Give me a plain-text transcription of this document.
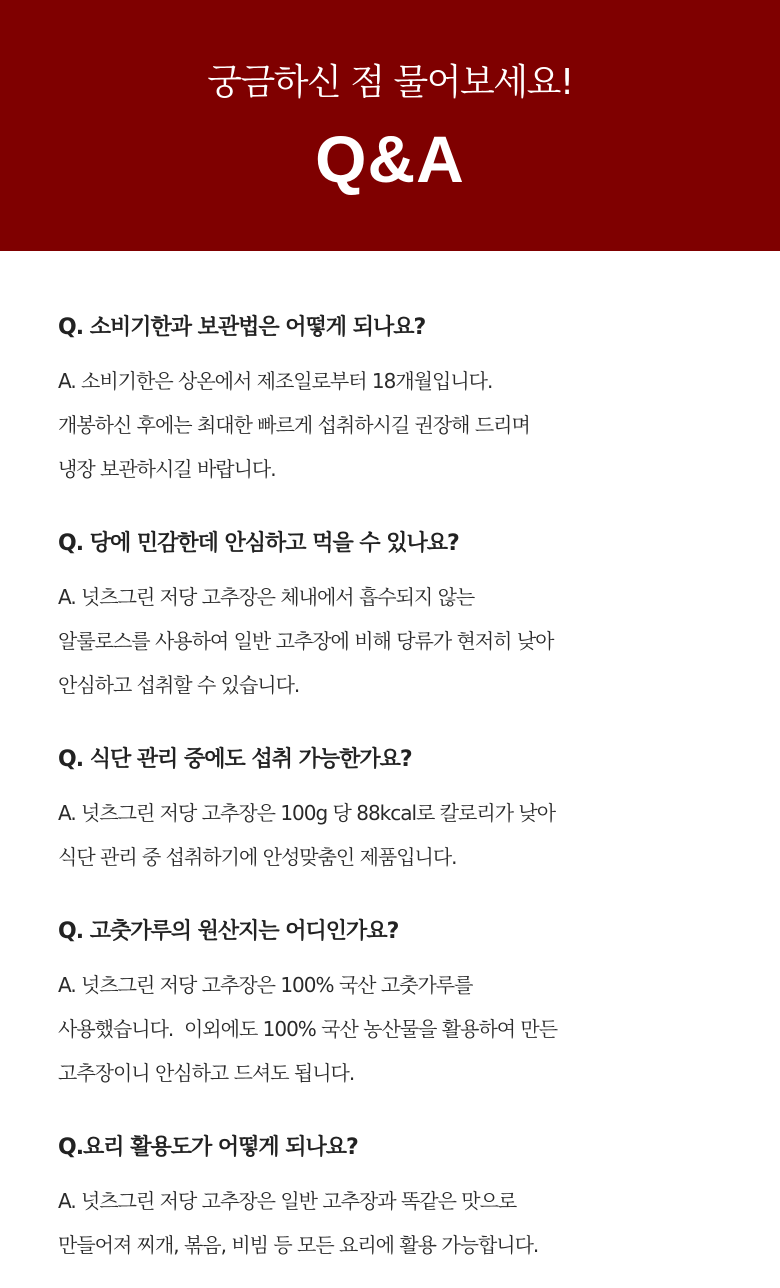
궁금하신 점 물어보세요!

Q&A

Q. 소비기한과 보관법은 어떻게 되나요?

A. 소비기한은 상온에서 제조일로부터 18개월입니다.
개봉하신 후에는 최대한 빠르게 섭취하시길 권장해 드리며
냉장 보관하시길 바랍니다.

Q. 당에 민감한데 안심하고 먹을 수 있나요?

A. 넛츠그린 저당 고추장은 체내에서 흡수되지 않는
알룰로스를 사용하여 일반 고추장에 비해 당류가 현저히 낮아
안심하고 섭취할 수 있습니다.

Q. 식단 관리 중에도 섭취 가능한가요?

A. 넛츠그린 저당 고추장은 100g 당 88kcal로 칼로리가 낮아
식단 관리 중 섭취하기에 안성맞춤인 제품입니다.

Q. 고춧가루의 원산지는 어디인가요?

A. 넛츠그린 저당 고추장은 100% 국산 고춧가루를
사용했습니다.  이외에도 100% 국산 농산물을 활용하여 만든
고추장이니 안심하고 드셔도 됩니다.

Q.요리 활용도가 어떻게 되나요?

A. 넛츠그린 저당 고추장은 일반 고추장과 똑같은 맛으로
만들어져 찌개, 볶음, 비빔 등 모든 요리에 활용 가능합니다.
